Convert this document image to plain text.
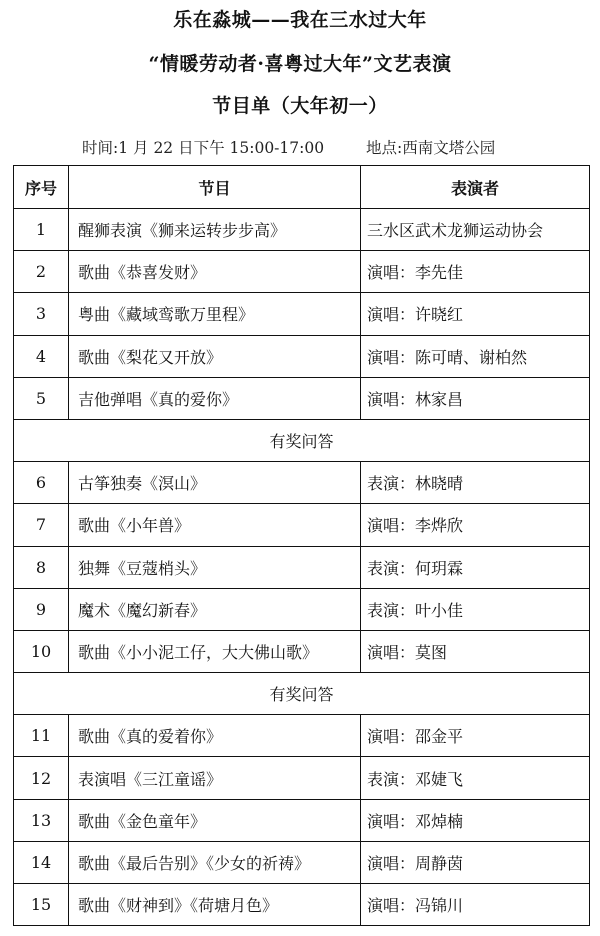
乐在淼城——我在三水过大年
“情暖劳动者·喜粤过大年”文艺表演
节目单（大年初一）
时间:1 月 22 日下午 15:00-17:00	地点:西南文塔公园
序号	节目	表演者
1	醒狮表演《狮来运转步步高》	三水区武术龙狮运动协会
2	歌曲《恭喜发财》	演唱：李先佳
3	粤曲《藏域鸾歌万里程》	演唱：许晓红
4	歌曲《梨花又开放》	演唱：陈可晴、谢柏然
5	吉他弹唱《真的爱你》	演唱：林家昌
有奖问答		
6	古筝独奏《溟山》	表演：林晓晴
7	歌曲《小年兽》	演唱：李烨欣
8	独舞《豆蔻梢头》	表演：何玥霖
9	魔术《魔幻新春》	表演：叶小佳
10	歌曲《小小泥工仔，大大佛山歌》	演唱：莫图
有奖问答		
11	歌曲《真的爱着你》	演唱：邵金平
12	表演唱《三江童谣》	表演：邓婕飞
13	歌曲《金色童年》	演唱：邓焯楠
14	歌曲《最后告别》《少女的祈祷》	演唱：周静茵
15	歌曲《财神到》《荷塘月色》	演唱：冯锦川
